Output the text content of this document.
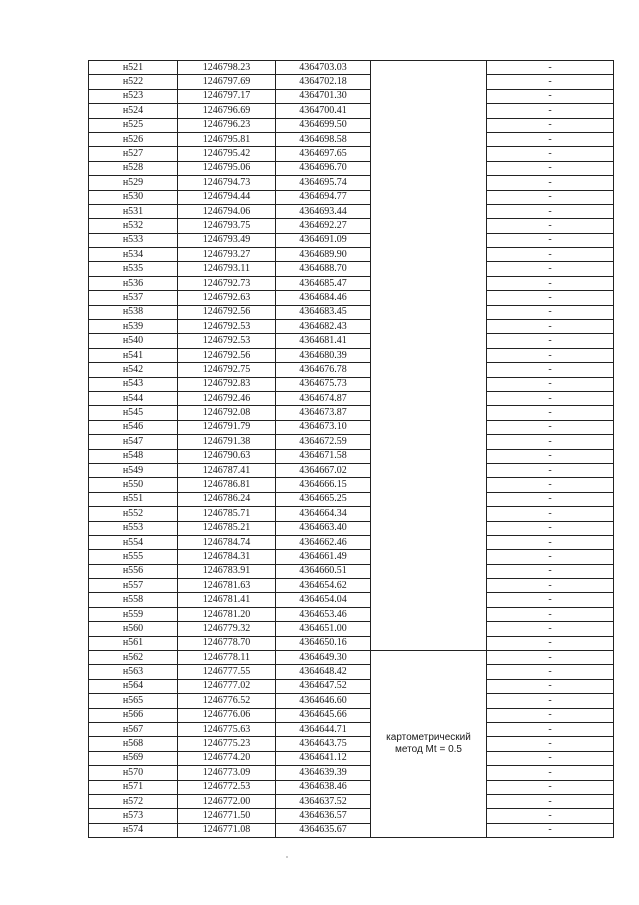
н521	1246798.23	4364703.03		-
н522	1246797.69	4364702.18		-
н523	1246797.17	4364701.30		-
н524	1246796.69	4364700.41		-
н525	1246796.23	4364699.50		-
н526	1246795.81	4364698.58		-
н527	1246795.42	4364697.65		-
н528	1246795.06	4364696.70		-
н529	1246794.73	4364695.74		-
н530	1246794.44	4364694.77		-
н531	1246794.06	4364693.44		-
н532	1246793.75	4364692.27		-
н533	1246793.49	4364691.09		-
н534	1246793.27	4364689.90		-
н535	1246793.11	4364688.70		-
н536	1246792.73	4364685.47		-
н537	1246792.63	4364684.46		-
н538	1246792.56	4364683.45		-
н539	1246792.53	4364682.43		-
н540	1246792.53	4364681.41		-
н541	1246792.56	4364680.39		-
н542	1246792.75	4364676.78		-
н543	1246792.83	4364675.73		-
н544	1246792.46	4364674.87		-
н545	1246792.08	4364673.87		-
н546	1246791.79	4364673.10		-
н547	1246791.38	4364672.59		-
н548	1246790.63	4364671.58		-
н549	1246787.41	4364667.02		-
н550	1246786.81	4364666.15		-
н551	1246786.24	4364665.25		-
н552	1246785.71	4364664.34		-
н553	1246785.21	4364663.40		-
н554	1246784.74	4364662.46		-
н555	1246784.31	4364661.49		-
н556	1246783.91	4364660.51		-
н557	1246781.63	4364654.62		-
н558	1246781.41	4364654.04		-
н559	1246781.20	4364653.46		-
н560	1246779.32	4364651.00		-
н561	1246778.70	4364650.16		-
н562	1246778.11	4364649.30	картометрический
метод Mt = 0.5	-
н563	1246777.55	4364648.42		-
н564	1246777.02	4364647.52		-
н565	1246776.52	4364646.60		-
н566	1246776.06	4364645.66		-
н567	1246775.63	4364644.71		-
н568	1246775.23	4364643.75		-
н569	1246774.20	4364641.12		-
н570	1246773.09	4364639.39		-
н571	1246772.53	4364638.46		-
н572	1246772.00	4364637.52		-
н573	1246771.50	4364636.57		-
н574	1246771.08	4364635.67		-
